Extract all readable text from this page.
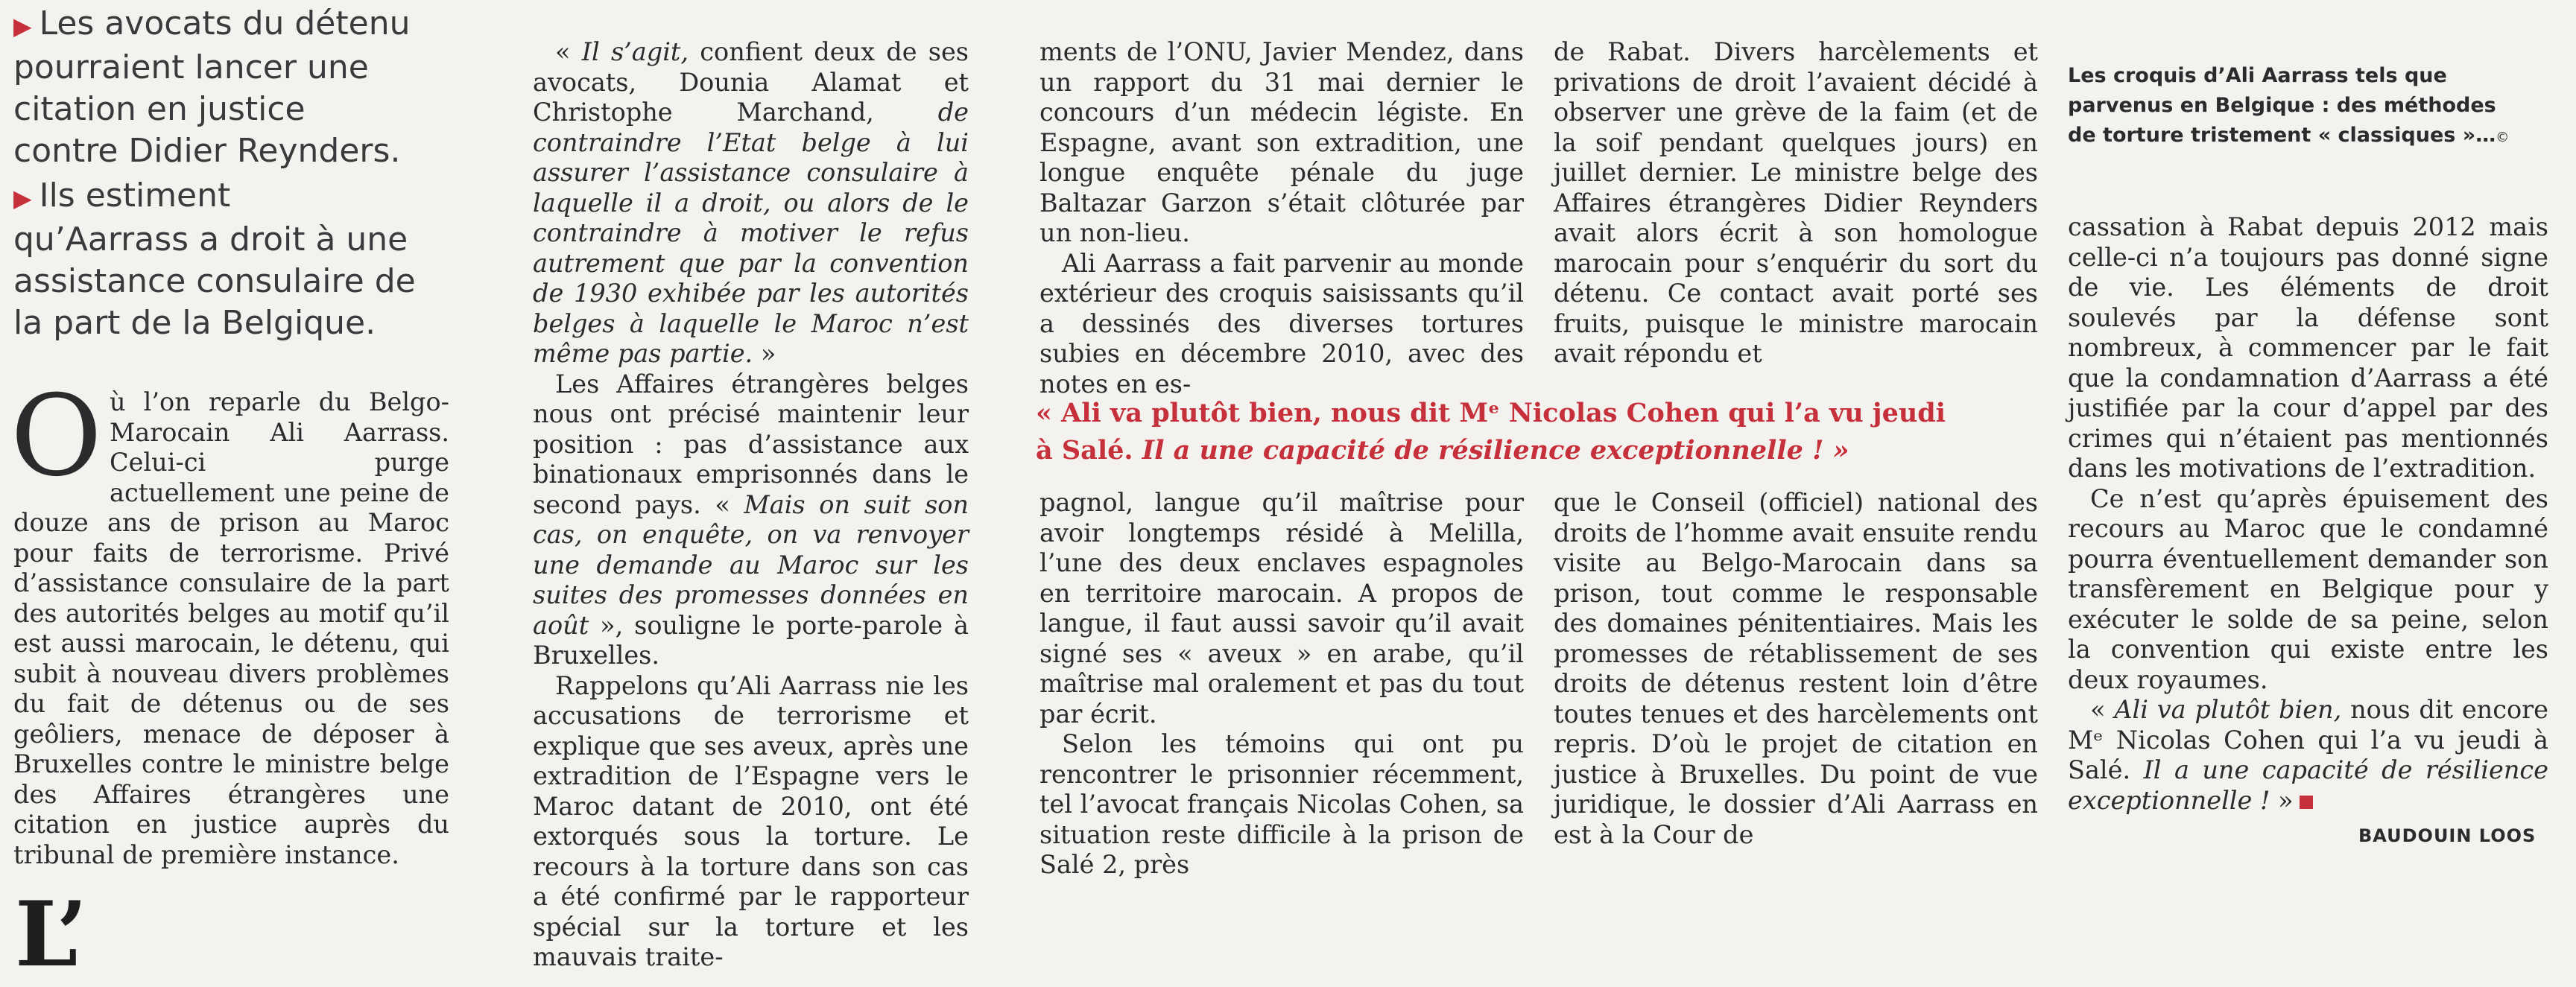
▶ Les avocats du détenu pourraient lancer une citation en justice contre Didier Reynders.
▶ Ils estiment qu’Aarrass a droit à une assistance consulaire de la part de la Belgique.

Où l’on reparle du Belgo-Marocain Ali Aarrass. Celui-ci purge actuellement une peine de douze ans de prison au Maroc pour faits de terrorisme. Privé d’assistance consulaire de la part des autorités belges au motif qu’il est aussi marocain, le détenu, qui subit à nouveau divers problèmes du fait de détenus ou de ses geôliers, menace de déposer à Bruxelles contre le ministre belge des Affaires étrangères une citation en justice auprès du tribunal de première instance.

« Il s’agit, confient deux de ses avocats, Dounia Alamat et Christophe Marchand, de contraindre l’Etat belge à lui assurer l’assistance consulaire à laquelle il a droit, ou alors de le contraindre à motiver le refus autrement que par la convention de 1930 exhibée par les autorités belges à laquelle le Maroc n’est même pas partie. »

Les Affaires étrangères belges nous ont précisé maintenir leur position : pas d’assistance aux binationaux emprisonnés dans le second pays. « Mais on suit son cas, on enquête, on va renvoyer une demande au Maroc sur les suites des promesses données en août », souligne le porte-parole à Bruxelles.

Rappelons qu’Ali Aarrass nie les accusations de terrorisme et explique que ses aveux, après une extradition de l’Espagne vers le Maroc datant de 2010, ont été extorqués sous la torture. Le recours à la torture dans son cas a été confirmé par le rapporteur spécial sur la torture et les mauvais traite-

ments de l’ONU, Javier Mendez, dans un rapport du 31 mai dernier le concours d’un médecin légiste. En Espagne, avant son extradition, une longue enquête pénale du juge Baltazar Garzon s’était clôturée par un non-lieu.

Ali Aarrass a fait parvenir au monde extérieur des croquis saisissants qu’il a dessinés des diverses tortures subies en décembre 2010, avec des notes en es-

de Rabat. Divers harcèlements et privations de droit l’avaient décidé à observer une grève de la faim (et de la soif pendant quelques jours) en juillet dernier. Le ministre belge des Affaires étrangères Didier Reynders avait alors écrit à son homologue marocain pour s’enquérir du sort du détenu. Ce contact avait porté ses fruits, puisque le ministre marocain avait répondu et

« Ali va plutôt bien, nous dit Mᵉ Nicolas Cohen qui l’a vu jeudi à Salé. Il a une capacité de résilience exceptionnelle ! »

pagnol, langue qu’il maîtrise pour avoir longtemps résidé à Melilla, l’une des deux enclaves espagnoles en territoire marocain. A propos de langue, il faut aussi savoir qu’il avait signé ses « aveux » en arabe, qu’il maîtrise mal oralement et pas du tout par écrit.

Selon les témoins qui ont pu rencontrer le prisonnier récemment, tel l’avocat français Nicolas Cohen, sa situation reste difficile à la prison de Salé 2, près

que le Conseil (officiel) national des droits de l’homme avait ensuite rendu visite au Belgo-Marocain dans sa prison, tout comme le responsable des domaines pénitentiaires. Mais les promesses de rétablissement de ses droits de détenus restent loin d’être toutes tenues et des harcèlements ont repris. D’où le projet de citation en justice à Bruxelles. Du point de vue juridique, le dossier d’Ali Aarrass en est à la Cour de

Les croquis d’Ali Aarrass tels que parvenus en Belgique : des méthodes de torture tristement « classiques »…©

cassation à Rabat depuis 2012 mais celle-ci n’a toujours pas donné signe de vie. Les éléments de droit soulevés par la défense sont nombreux, à commencer par le fait que la condamnation d’Aarrass a été justifiée par la cour d’appel par des crimes qui n’étaient pas mentionnés dans les motivations de l’extradition.

Ce n’est qu’après épuisement des recours au Maroc que le condamné pourra éventuellement demander son transfèrement en Belgique pour y exécuter le solde de sa peine, selon la convention qui existe entre les deux royaumes.

« Ali va plutôt bien, nous dit encore Mᵉ Nicolas Cohen qui l’a vu jeudi à Salé. Il a une capacité de résilience exceptionnelle ! »

BAUDOUIN LOOS
L’
